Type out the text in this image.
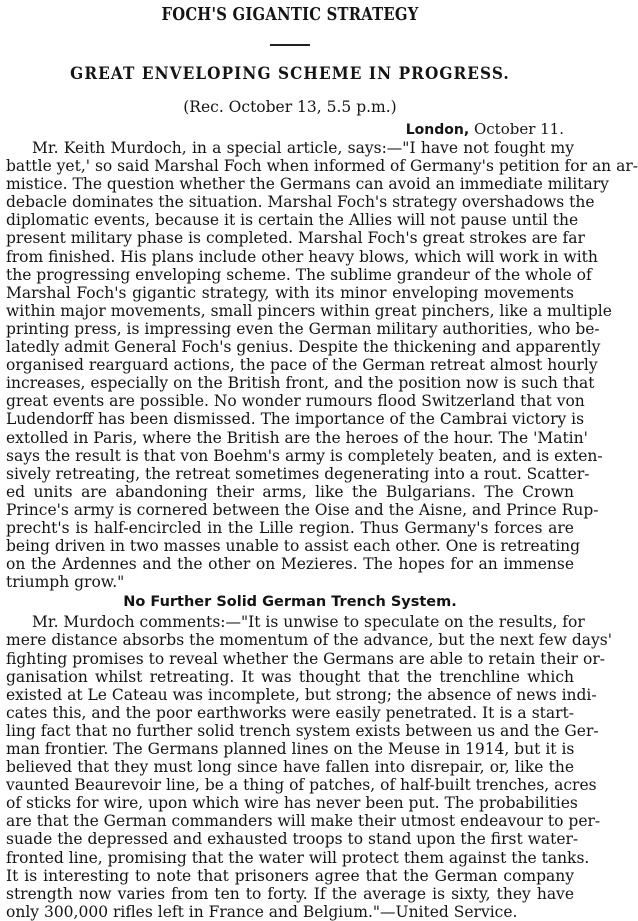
FOCH'S GIGANTIC STRATEGY
GREAT ENVELOPING SCHEME IN PROGRESS.
(Rec. October 13, 5.5 p.m.)
London, October 11.
Mr. Keith Murdoch, in a special article, says:—"I have not fought my
battle yet,' so said Marshal Foch when informed of Germany's petition for an ar-
mistice. The question whether the Germans can avoid an immediate military
debacle dominates the situation. Marshal Foch's strategy overshadows the
diplomatic events, because it is certain the Allies will not pause until the
present military phase is completed. Marshal Foch's great strokes are far
from finished. His plans include other heavy blows, which will work in with
the progressing enveloping scheme. The sublime grandeur of the whole of
Marshal Foch's gigantic strategy, with its minor enveloping movements
within major movements, small pincers within great pinchers, like a multiple
printing press, is impressing even the German military authorities, who be-
latedly admit General Foch's genius. Despite the thickening and apparently
organised rearguard actions, the pace of the German retreat almost hourly
increases, especially on the British front, and the position now is such that
great events are possible. No wonder rumours flood Switzerland that von
Ludendorff has been dismissed. The importance of the Cambrai victory is
extolled in Paris, where the British are the heroes of the hour. The 'Matin'
says the result is that von Boehm's army is completely beaten, and is exten-
sively retreating, the retreat sometimes degenerating into a rout. Scatter-
ed units are abandoning their arms, like the Bulgarians. The Crown
Prince's army is cornered between the Oise and the Aisne, and Prince Rup-
precht's is half-encircled in the Lille region. Thus Germany's forces are
being driven in two masses unable to assist each other. One is retreating
on the Ardennes and the other on Mezieres. The hopes for an immense
triumph grow."
No Further Solid German Trench System.
Mr. Murdoch comments:—"It is unwise to speculate on the results, for
mere distance absorbs the momentum of the advance, but the next few days'
fighting promises to reveal whether the Germans are able to retain their or-
ganisation whilst retreating. It was thought that the trenchline which
existed at Le Cateau was incomplete, but strong; the absence of news indi-
cates this, and the poor earthworks were easily penetrated. It is a start-
ling fact that no further solid trench system exists between us and the Ger-
man frontier. The Germans planned lines on the Meuse in 1914, but it is
believed that they must long since have fallen into disrepair, or, like the
vaunted Beaurevoir line, be a thing of patches, of half-built trenches, acres
of sticks for wire, upon which wire has never been put. The probabilities
are that the German commanders will make their utmost endeavour to per-
suade the depressed and exhausted troops to stand upon the first water-
fronted line, promising that the water will protect them against the tanks.
It is interesting to note that prisoners agree that the German company
strength now varies from ten to forty. If the average is sixty, they have
only 300,000 rifles left in France and Belgium."—United Service.
